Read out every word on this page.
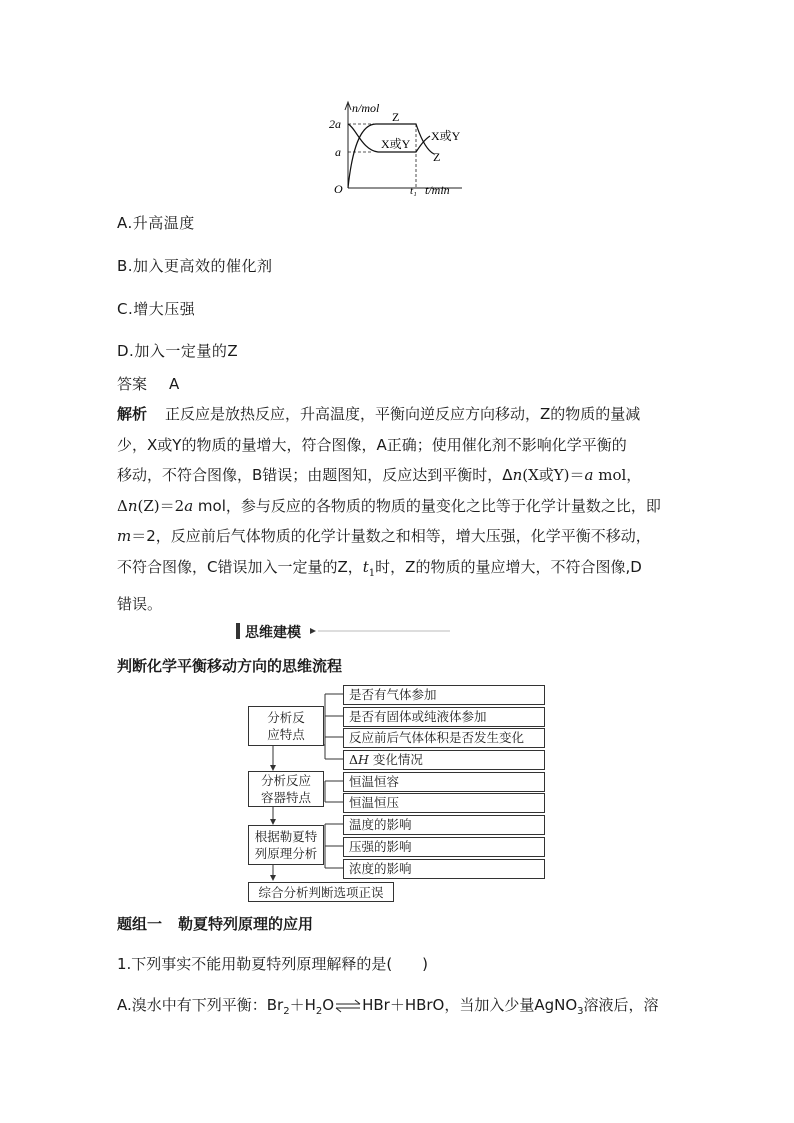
n/mol
2a
a
O	t₁ t/min
Z
X或Y
X或Y
Z
A.升高温度
B.加入更高效的催化剂
C.增大压强
D.加入一定量的Z
答案 A
解析 正反应是放热反应，升高温度，平衡向逆反应方向移动，Z的物质的量减
少，X或Y的物质的量增大，符合图像，A正确；使用催化剂不影响化学平衡的
移动，不符合图像，B错误；由题图知，反应达到平衡时，Δn(X或Y)＝a mol，
Δn(Z)＝2a mol，参与反应的各物质的物质的量变化之比等于化学计量数之比，即
m＝2，反应前后气体物质的化学计量数之和相等，增大压强，化学平衡不移动，
不符合图像，C错误加入一定量的Z，$t_1$时，Z的物质的量应增大，不符合图像,D
错误。
思维建模
判断化学平衡移动方向的思维流程
分析反
应特点
分析反应
容器特点
根据勒夏特
列原理分析
综合分析判断选项正误
是否有气体参加
是否有固体或纯液体参加
反应前后气体体积是否发生变化
ΔH 变化情况
恒温恒容
恒温恒压
温度的影响
压强的影响
浓度的影响
题组一 勒夏特列原理的应用
1.下列事实不能用勒夏特列原理解释的是(　　)
A.溴水中有下列平衡：$Br_2+H_2O\rightleftharpoons HBr+HBrO$，当加入少量AgNO$_3$溶液后，溶
